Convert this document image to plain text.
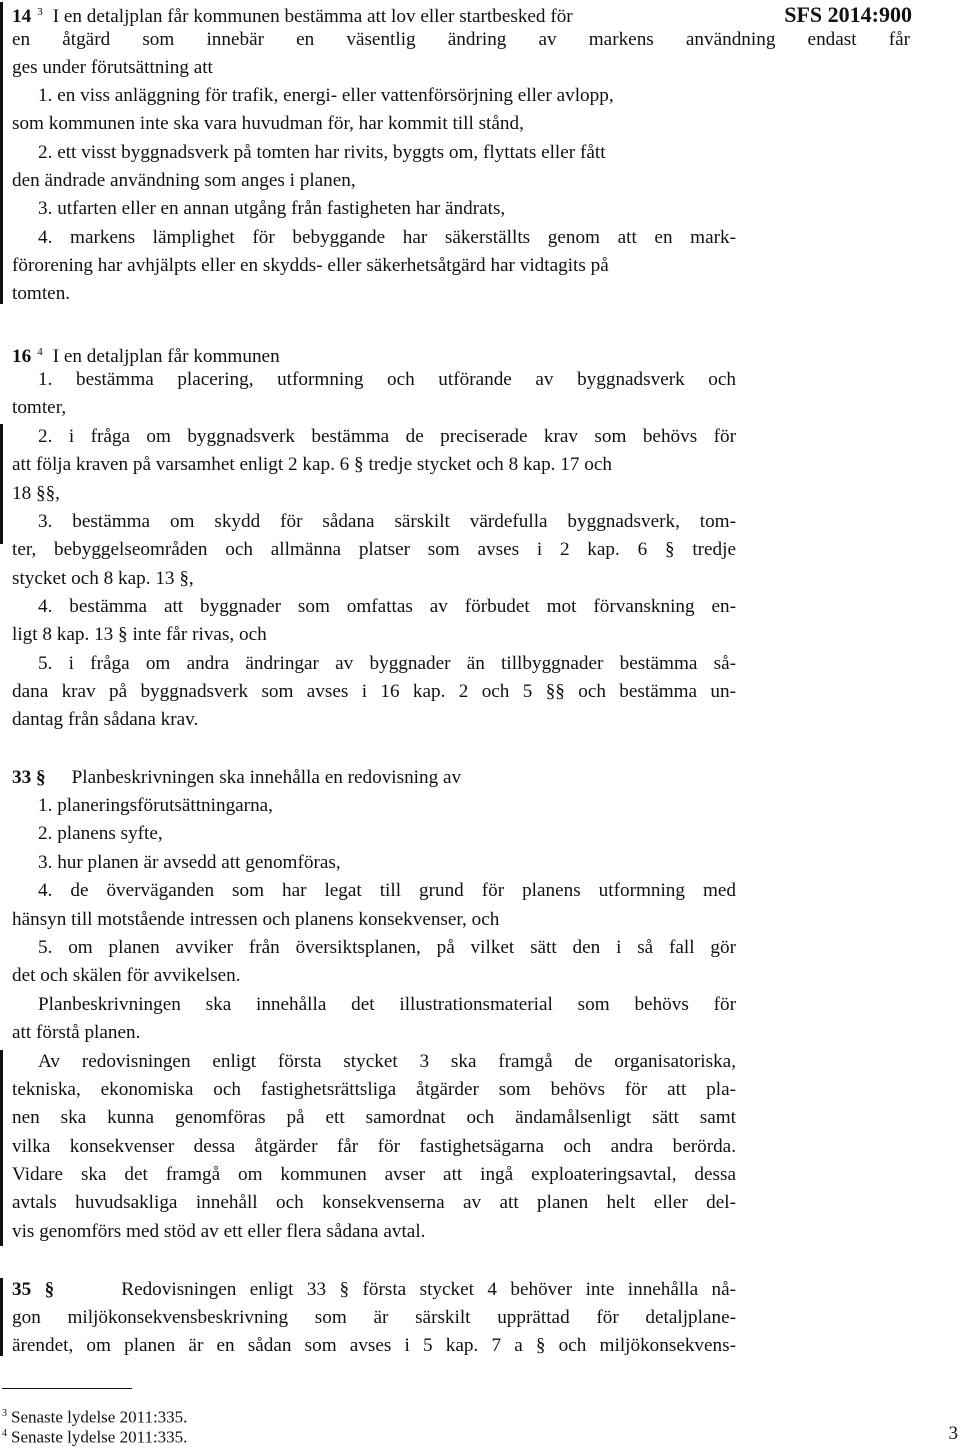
SFS 2014:900
14 $^3$ I en detaljplan får kommunen bestämma att lov eller startbesked för
en åtgärd som innebär en väsentlig ändring av markens användning endast får
ges under förutsättning att
1. en viss anläggning för trafik, energi- eller vattenförsörjning eller avlopp,
som kommunen inte ska vara huvudman för, har kommit till stånd,
2. ett visst byggnadsverk på tomten har rivits, byggts om, flyttats eller fått
den ändrade användning som anges i planen,
3. utfarten eller en annan utgång från fastigheten har ändrats,
4. markens lämplighet för bebyggande har säkerställts genom att en mark-
förorening har avhjälpts eller en skydds- eller säkerhetsåtgärd har vidtagits på
tomten.
16 $^4$ I en detaljplan får kommunen
1. bestämma placering, utformning och utförande av byggnadsverk och
tomter,
2. i fråga om byggnadsverk bestämma de preciserade krav som behövs för
att följa kraven på varsamhet enligt 2 kap. 6 § tredje stycket och 8 kap. 17 och
18 §§,
3. bestämma om skydd för sådana särskilt värdefulla byggnadsverk, tom-
ter, bebyggelseområden och allmänna platser som avses i 2 kap. 6 § tredje
stycket och 8 kap. 13 §,
4. bestämma att byggnader som omfattas av förbudet mot förvanskning en-
ligt 8 kap. 13 § inte får rivas, och
5. i fråga om andra ändringar av byggnader än tillbyggnader bestämma så-
dana krav på byggnadsverk som avses i 16 kap. 2 och 5 §§ och bestämma un-
dantag från sådana krav.
33 § Planbeskrivningen ska innehålla en redovisning av
1. planeringsförutsättningarna,
2. planens syfte,
3. hur planen är avsedd att genomföras,
4. de överväganden som har legat till grund för planens utformning med
hänsyn till motstående intressen och planens konsekvenser, och
5. om planen avviker från översiktsplanen, på vilket sätt den i så fall gör
det och skälen för avvikelsen.
Planbeskrivningen ska innehålla det illustrationsmaterial som behövs för
att förstå planen.
Av redovisningen enligt första stycket 3 ska framgå de organisatoriska,
tekniska, ekonomiska och fastighetsrättsliga åtgärder som behövs för att pla-
nen ska kunna genomföras på ett samordnat och ändamålsenligt sätt samt
vilka konsekvenser dessa åtgärder får för fastighetsägarna och andra berörda.
Vidare ska det framgå om kommunen avser att ingå exploateringsavtal, dessa
avtals huvudsakliga innehåll och konsekvenserna av att planen helt eller del-
vis genomförs med stöd av ett eller flera sådana avtal.
35 §	Redovisningen enligt 33 § första stycket 4 behöver inte innehålla nå-
gon miljökonsekvensbeskrivning som är särskilt upprättad för detaljplane-
ärendet, om planen är en sådan som avses i 5 kap. 7 a § och miljökonsekvens-
$^3$ Senaste lydelse 2011:335.
$^4$ Senaste lydelse 2011:335.	3
